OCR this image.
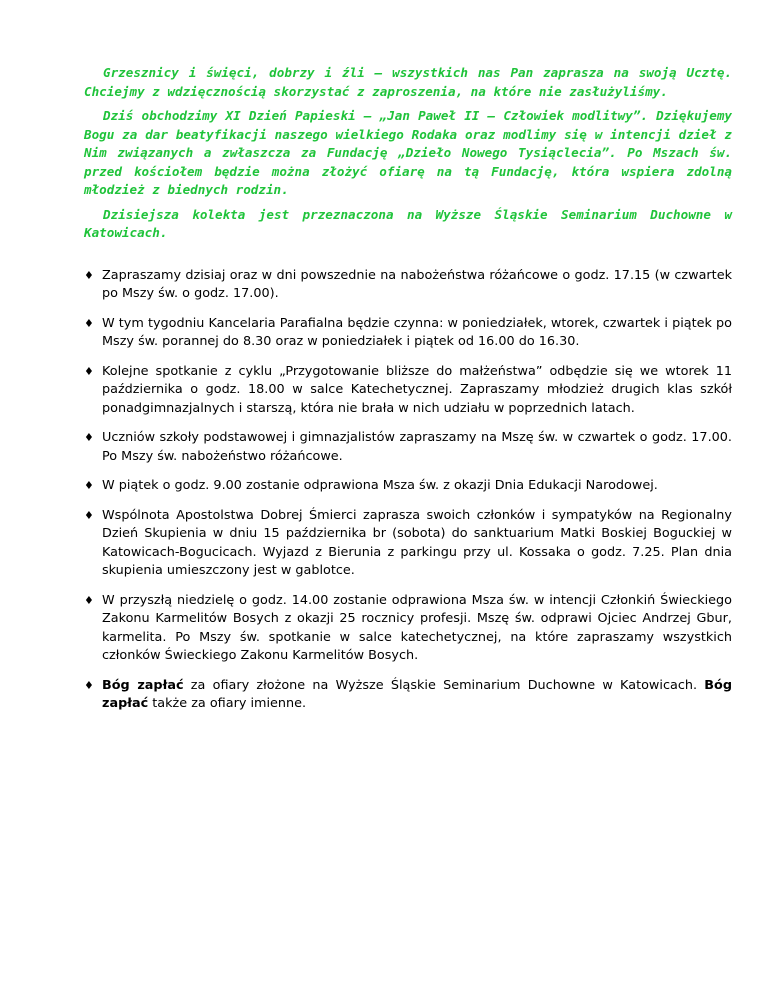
Grzesznicy i święci, dobrzy i źli – wszystkich nas Pan zaprasza na swoją Ucztę. Chciejmy z wdzięcznością skorzystać z zaproszenia, na które nie zasłużyliśmy.

Dziś obchodzimy XI Dzień Papieski – „Jan Paweł II – Człowiek modlitwy”. Dziękujemy Bogu za dar beatyfikacji naszego wielkiego Rodaka oraz modlimy się w intencji dzieł z Nim związanych a zwłaszcza za Fundację „Dzieło Nowego Tysiąclecia”. Po Mszach św. przed kościołem będzie można złożyć ofiarę na tą Fundację, która wspiera zdolną młodzież z biednych rodzin.

Dzisiejsza kolekta jest przeznaczona na Wyższe Śląskie Seminarium Duchowne w Katowicach.

♦ Zapraszamy dzisiaj oraz w dni powszednie na nabożeństwa różańcowe o godz. 17.15 (w czwartek po Mszy św. o godz. 17.00).
♦ W tym tygodniu Kancelaria Parafialna będzie czynna: w poniedziałek, wtorek, czwartek i piątek po Mszy św. porannej do 8.30 oraz w poniedziałek i piątek od 16.00 do 16.30.
♦ Kolejne spotkanie z cyklu „Przygotowanie bliższe do małżeństwa” odbędzie się we wtorek 11 października o godz. 18.00 w salce Katechetycznej. Zapraszamy młodzież drugich klas szkół ponadgimnazjalnych i starszą, która nie brała w nich udziału w poprzednich latach.
♦ Uczniów szkoły podstawowej i gimnazjalistów zapraszamy na Mszę św. w czwartek o godz. 17.00. Po Mszy św. nabożeństwo różańcowe.
♦ W piątek o godz. 9.00 zostanie odprawiona Msza św. z okazji Dnia Edukacji Narodowej.
♦ Wspólnota Apostolstwa Dobrej Śmierci zaprasza swoich członków i sympatyków na Regionalny Dzień Skupienia w dniu 15 października br (sobota) do sanktuarium Matki Boskiej Boguckiej w Katowicach-Bogucicach. Wyjazd z Bierunia z parkingu przy ul. Kossaka o godz. 7.25. Plan dnia skupienia umieszczony jest w gablotce.
♦ W przyszłą niedzielę o godz. 14.00 zostanie odprawiona Msza św. w intencji Członkiń Świeckiego Zakonu Karmelitów Bosych z okazji 25 rocznicy profesji. Mszę św. odprawi Ojciec Andrzej Gbur, karmelita. Po Mszy św. spotkanie w salce katechetycznej, na które zapraszamy wszystkich członków Świeckiego Zakonu Karmelitów Bosych.
♦ Bóg zapłać za ofiary złożone na Wyższe Śląskie Seminarium Duchowne w Katowicach. Bóg zapłać także za ofiary imienne.
